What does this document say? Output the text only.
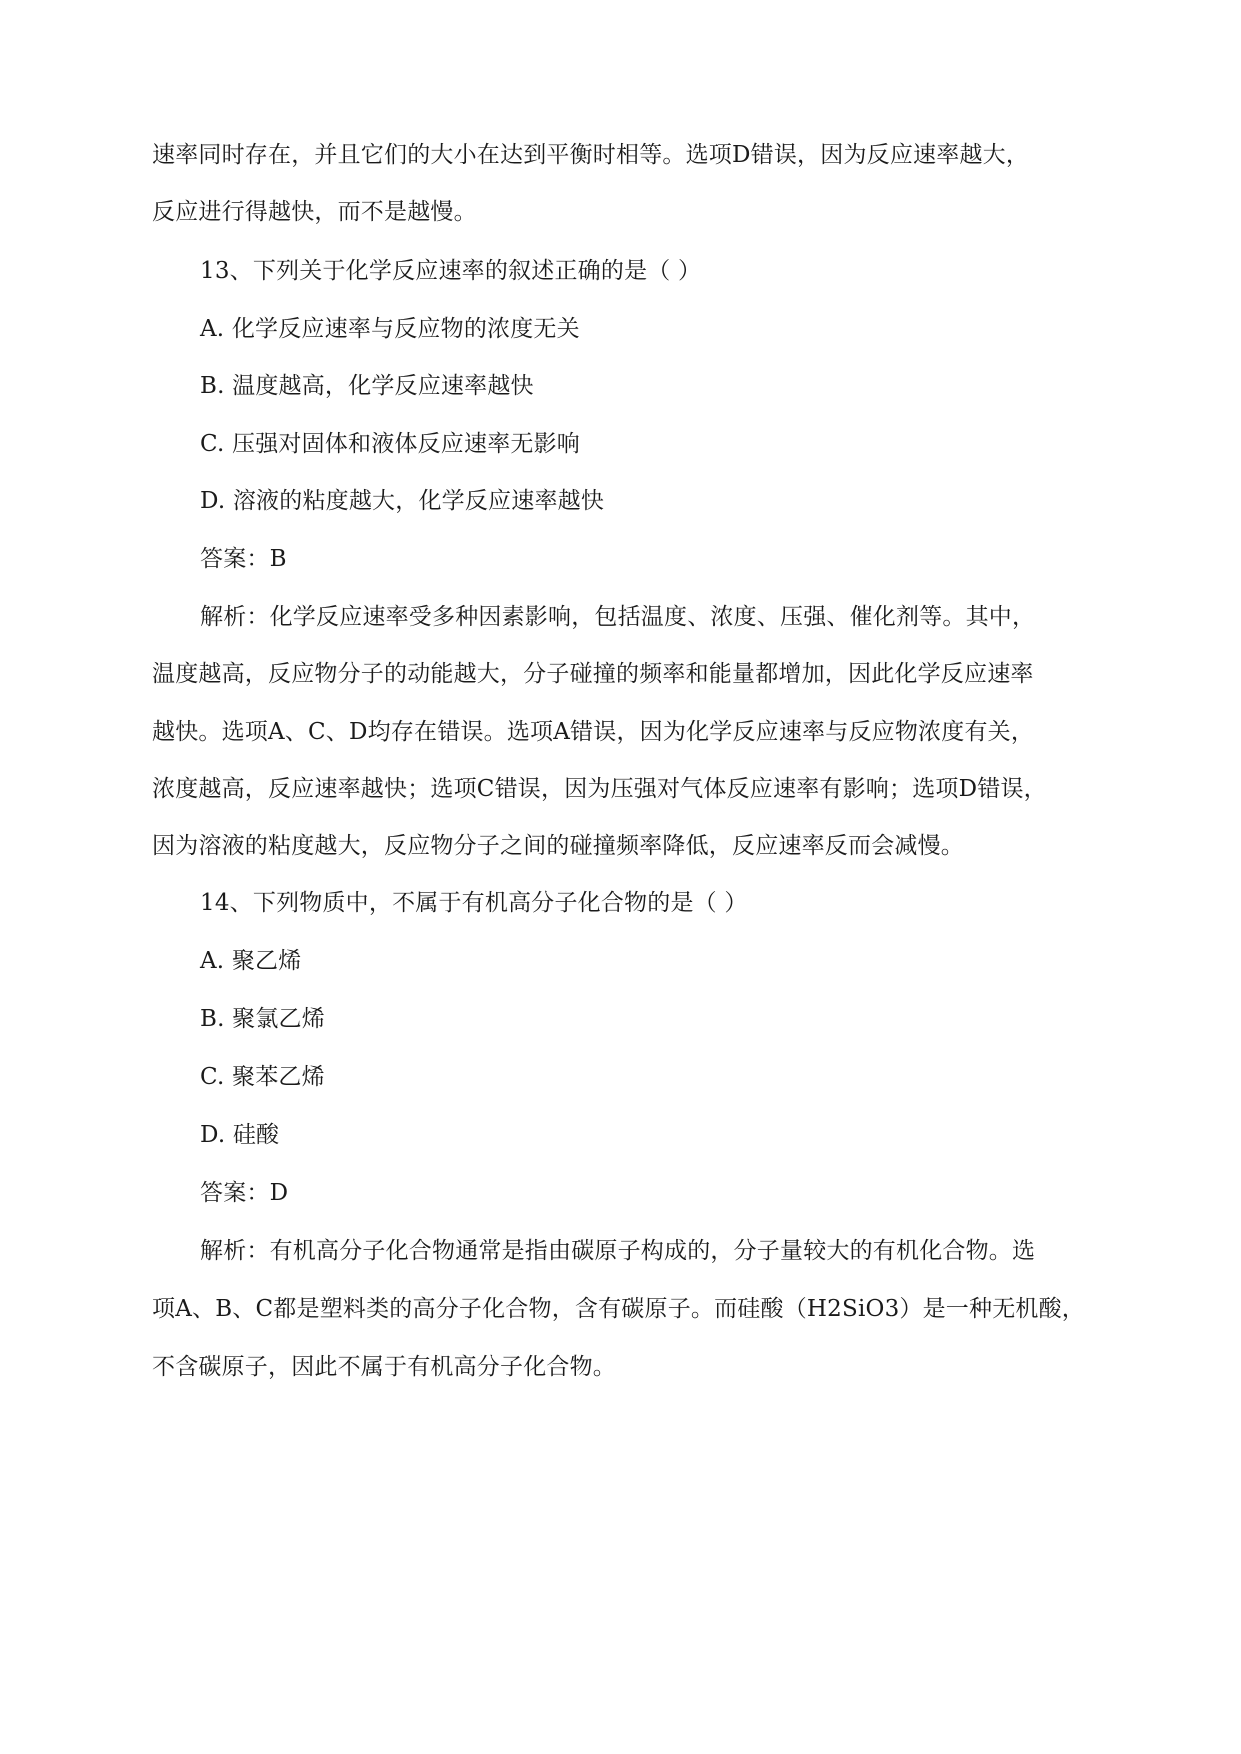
速率同时存在，并且它们的大小在达到平衡时相等。选项D错误，因为反应速率越大，
反应进行得越快，而不是越慢。
13、下列关于化学反应速率的叙述正确的是（ ）
A. 化学反应速率与反应物的浓度无关
B. 温度越高，化学反应速率越快
C. 压强对固体和液体反应速率无影响
D. 溶液的粘度越大，化学反应速率越快
答案：B
解析：化学反应速率受多种因素影响，包括温度、浓度、压强、催化剂等。其中，
温度越高，反应物分子的动能越大，分子碰撞的频率和能量都增加，因此化学反应速率
越快。选项A、C、D均存在错误。选项A错误，因为化学反应速率与反应物浓度有关，
浓度越高，反应速率越快；选项C错误，因为压强对气体反应速率有影响；选项D错误，
因为溶液的粘度越大，反应物分子之间的碰撞频率降低，反应速率反而会减慢。
14、下列物质中，不属于有机高分子化合物的是（ ）
A. 聚乙烯
B. 聚氯乙烯
C. 聚苯乙烯
D. 硅酸
答案：D
解析：有机高分子化合物通常是指由碳原子构成的，分子量较大的有机化合物。选
项A、B、C都是塑料类的高分子化合物，含有碳原子。而硅酸（H2SiO3）是一种无机酸，
不含碳原子，因此不属于有机高分子化合物。
